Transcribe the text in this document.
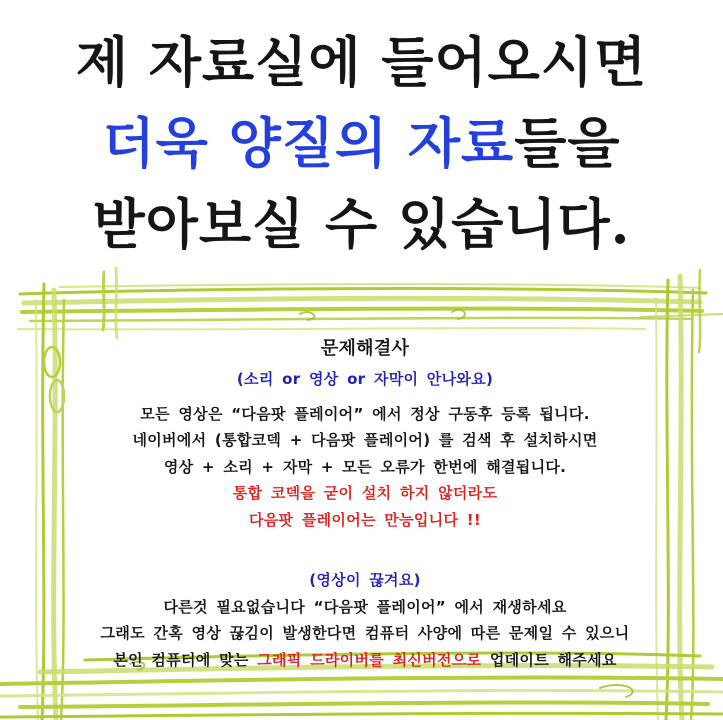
제 자료실에 들어오시면
더욱 양질의 자료들을
받아보실 수 있습니다.
문제해결사
(소리 or 영상 or 자막이 안나와요)
모든 영상은 “다음팟 플레이어” 에서 정상 구동후 등록 됩니다.
네이버에서 (통합코덱 + 다음팟 플레이어) 를 검색 후 설치하시면
영상 + 소리 + 자막 + 모든 오류가 한번에 해결됩니다.
통합 코덱을 굳이 설치 하지 않더라도
다음팟 플레이어는 만능입니다 !!
(영상이 끊겨요)
다른것 필요없습니다 “다음팟 플레이어” 에서 재생하세요
그래도 간혹 영상 끊김이 발생한다면 컴퓨터 사양에 따른 문제일 수 있으니
본인 컴퓨터에 맞는 그래픽 드라이버를 최신버전으로 업데이트 해주세요
